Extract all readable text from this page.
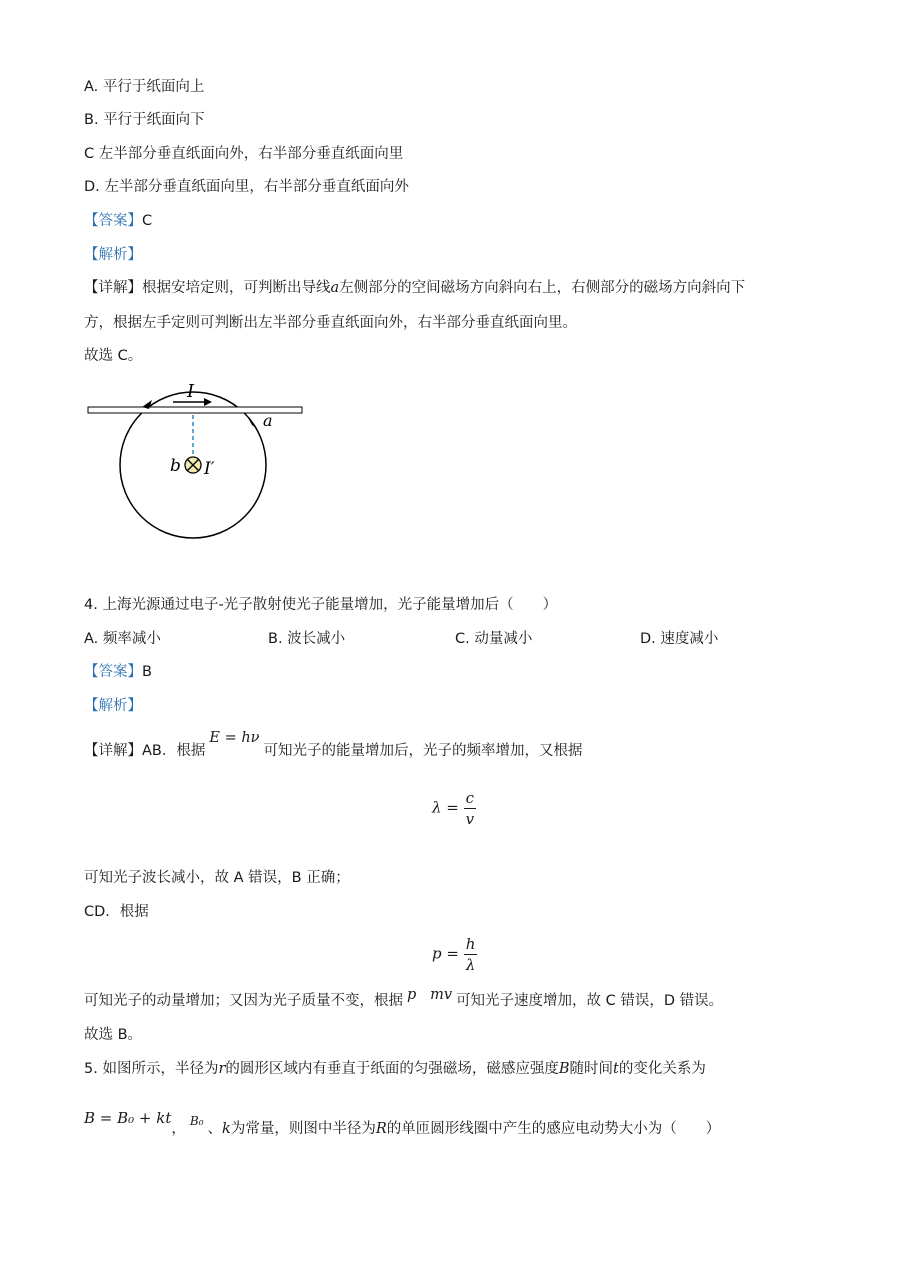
A. 平行于纸面向上
B. 平行于纸面向下
C 左半部分垂直纸面向外，右半部分垂直纸面向里
D. 左半部分垂直纸面向里，右半部分垂直纸面向外
【答案】C
【解析】
【详解】根据安培定则，可判断出导线a左侧部分的空间磁场方向斜向右上，右侧部分的磁场方向斜向下
方，根据左手定则可判断出左半部分垂直纸面向外，右半部分垂直纸面向里。
故选 C。
I
a
b I′
4. 上海光源通过电子-光子散射使光子能量增加，光子能量增加后（　　）
A. 频率减小	B. 波长减小	C. 动量减小	D. 速度减小
【答案】B
【解析】
【详解】AB．根据E = hν可知光子的能量增加后，光子的频率增加，又根据
$\lambda = \frac{c}{v}$
可知光子波长减小，故 A 错误，B 正确；
CD．根据
$p = \frac{h}{\lambda}$
可知光子的动量增加；又因为光子质量不变，根据 p   mv 可知光子速度增加，故 C 错误，D 错误。
故选 B。
5. 如图所示，半径为r的圆形区域内有垂直于纸面的匀强磁场，磁感应强度B随时间t的变化关系为
B = B₀ + kt， $^{B_0}$ 、k为常量，则图中半径为R的单匝圆形线圈中产生的感应电动势大小为（　　）
